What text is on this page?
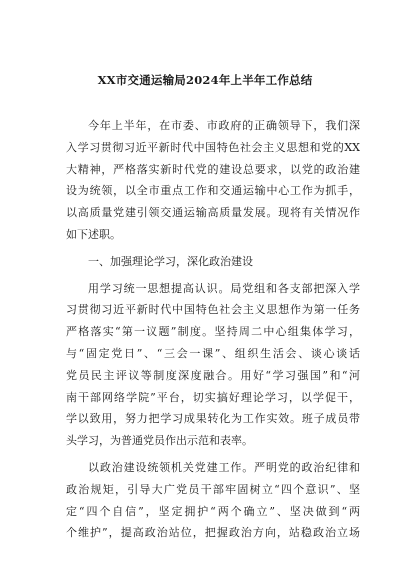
XX市交通运输局2024年上半年工作总结
今年上半年，在市委、市政府的正确领导下，我们深
入学习贯彻习近平新时代中国特色社会主义思想和党的XX
大精神，严格落实新时代党的建设总要求，以党的政治建
设为统领，以全市重点工作和交通运输中心工作为抓手，
以高质量党建引领交通运输高质量发展。现将有关情况作
如下述职。
一、加强理论学习，深化政治建设
用学习统一思想提高认识。局党组和各支部把深入学
习贯彻习近平新时代中国特色社会主义思想作为第一任务
严格落实“第一议题”制度。坚持周二中心组集体学习，
与“固定党日”、“三会一课”、组织生活会、谈心谈话
党员民主评议等制度深度融合。用好“学习强国”和“河
南干部网络学院”平台，切实搞好理论学习，以学促干，
学以致用，努力把学习成果转化为工作实效。班子成员带
头学习，为普通党员作出示范和表率。
以政治建设统领机关党建工作。严明党的政治纪律和
政治规矩，引导大广党员干部牢固树立“四个意识”、坚
定“四个自信”，坚定拥护“两个确立”、坚决做到“两
个维护”，提高政治站位，把握政治方向，站稳政治立场
